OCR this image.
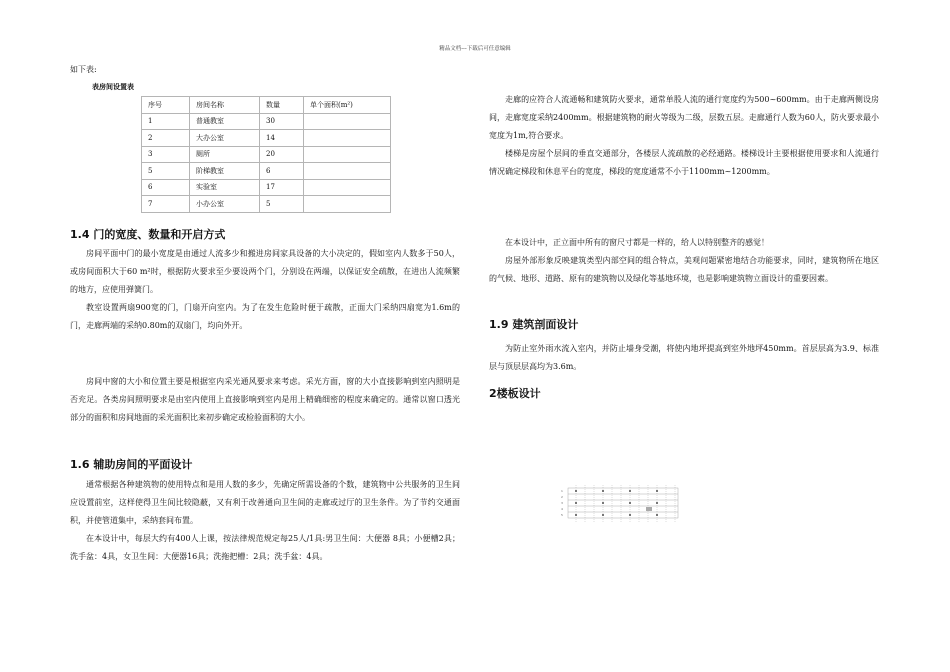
精品文档---下载后可任意编辑
如下表:
表房间设置表
序号	房间名称	数量	单个面积(m²)
1	普通教室	30	
2	大办公室	14	
3	厕所	20	
5	阶梯教室	6	
6	实验室	17	
7	小办公室	5	
1.4 门的宽度、数量和开启方式

房间平面中门的最小宽度是由通过人流多少和搬进房间家具设备的大小决定的，假如室内人数多于50人，或房间面积大于60 m²时，根据防火要求至少要设两个门，分别设在两端，以保证安全疏散，在进出人流频繁的地方，应使用弹簧门。

教室设置两扇900宽的门，门扇开向室内。为了在发生危险时便于疏散，正面大门采纳四扇宽为1.6m的门，走廊两端的采纳0.80m的双扇门，均向外开。

房间中窗的大小和位置主要是根据室内采光通风要求来考虑。采光方面，窗的大小直接影响到室内照明是否充足。各类房间照明要求是由室内使用上直接影响到室内是用上精确细密的程度来确定的。通常以窗口透光部分的面积和房间地面的采光面积比来初步确定或检验面积的大小。

1.6 辅助房间的平面设计

通常根据各种建筑物的使用特点和是用人数的多少，先确定所需设备的个数，建筑物中公共服务的卫生间应设置前室，这样使得卫生间比较隐蔽，又有利于改善通向卫生间的走廊或过厅的卫生条件。为了节约交通面积，并使管道集中，采纳套间布置。

在本设计中，每层大约有400人上课，按法律规范规定每25人/1具:男卫生间：大便器 8具；小便槽2具；洗手盆：4具，女卫生间：大便器16具；洗拖把槽：2具；洗手盆：4具。

走廊的应符合人流通畅和建筑防火要求，通常单股人流的通行宽度约为500~600mm。由于走廊两侧设房间，走廊宽度采纳2400mm。根据建筑物的耐火等级为二级，层数五层。走廊通行人数为60人，防火要求最小宽度为1m,符合要求。

楼梯是房屋个层间的垂直交通部分，各楼层人流疏散的必经通路。楼梯设计主要根据使用要求和人流通行情况确定梯段和休息平台的宽度，梯段的宽度通常不小于1100mm~1200mm。

在本设计中，正立面中所有的窗尺寸都是一样的，给人以特别整齐的感觉！

房屋外部形象反映建筑类型内部空间的组合特点，美观问题紧密地结合功能要求，同时，建筑物所在地区的气候、地形、道路、原有的建筑物以及绿化等基地环境，也是影响建筑物立面设计的重要因素。

1.9 建筑剖面设计

为防止室外雨水流入室内，并防止墙身受潮，将使内地坪提高到室外地坪450mm。首层层高为3.9、标准层与顶层层高均为3.6m。

2楼板设计
1
2
3
4
5
